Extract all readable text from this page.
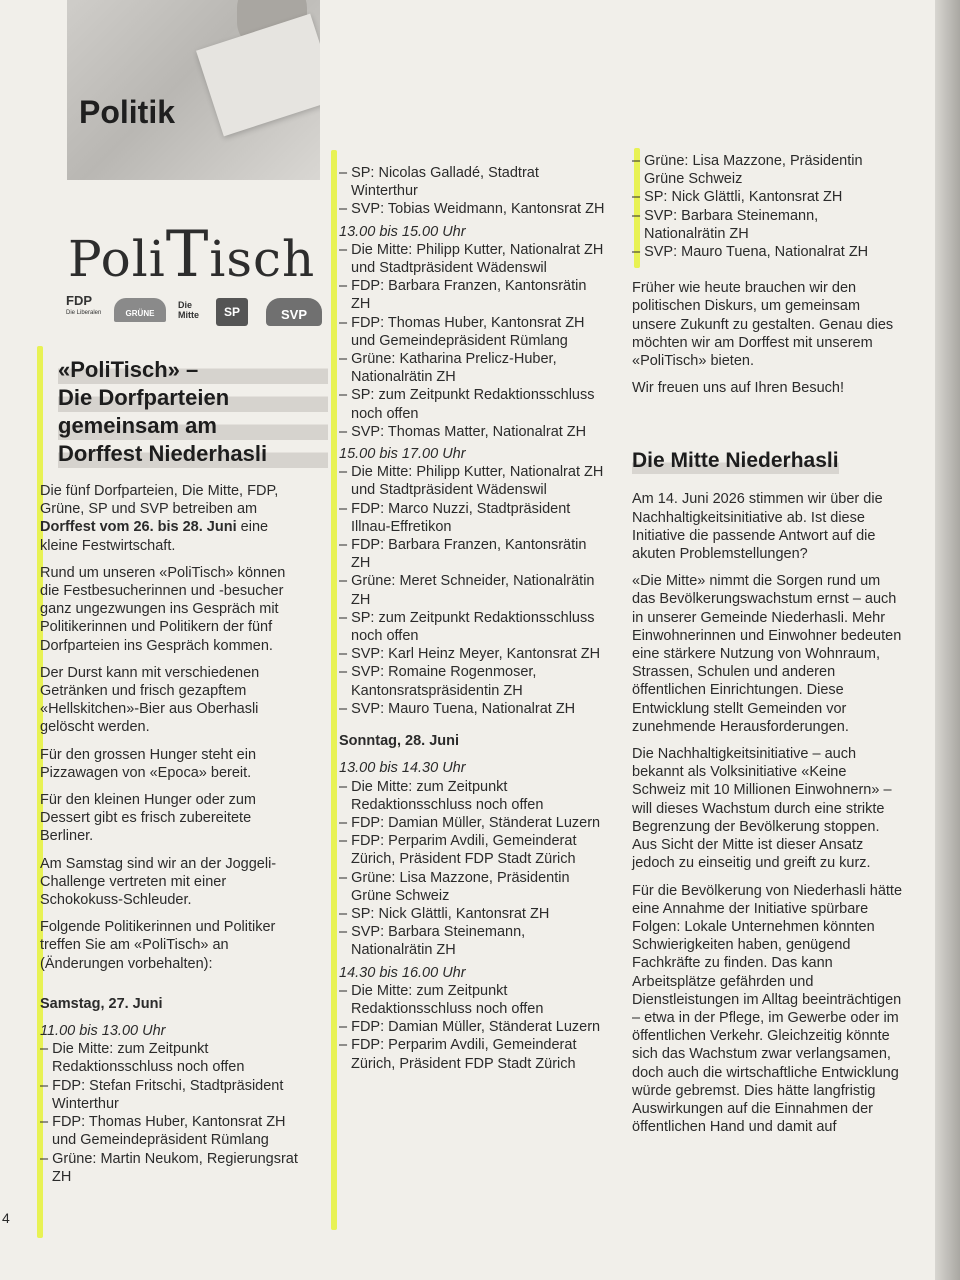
Politik
PoliTisch
FDP
Die Liberalen	GRÜNE
Die
Mitte	SP	SVP
«PoliTisch» –
Die Dorfparteien
gemeinsam am
Dorffest Niederhasli

Die fünf Dorfparteien, Die Mitte, FDP, Grüne, SP und SVP betreiben am Dorffest vom 26. bis 28. Juni eine kleine Festwirtschaft.

Rund um unseren «PoliTisch» können die Festbesucherinnen und -besucher ganz ungezwungen ins Gespräch mit Politikerinnen und Politikern der fünf Dorfparteien ins Gespräch kommen.

Der Durst kann mit verschiedenen Getränken und frisch gezapftem «Hellskitchen»-Bier aus Oberhasli gelöscht werden.

Für den grossen Hunger steht ein Pizzawagen von «Epoca» bereit.

Für den kleinen Hunger oder zum Dessert gibt es frisch zubereitete Berliner.

Am Samstag sind wir an der Joggeli-Challenge vertreten mit einer Schokokuss-Schleuder.

Folgende Politikerinnen und Politiker treffen Sie am «PoliTisch» an (Änderungen vorbehalten):

Samstag, 27. Juni
11.00 bis 13.00 Uhr
– Die Mitte: zum Zeitpunkt Redaktionsschluss noch offen
– FDP: Stefan Fritschi, Stadtpräsident Winterthur
– FDP: Thomas Huber, Kantonsrat ZH und Gemeindepräsident Rümlang
– Grüne: Martin Neukom, Regierungsrat ZH
– SP: Nicolas Galladé, Stadtrat Winterthur
– SVP: Tobias Weidmann, Kantonsrat ZH
13.00 bis 15.00 Uhr
– Die Mitte: Philipp Kutter, Nationalrat ZH und Stadtpräsident Wädenswil
– FDP: Barbara Franzen, Kantonsrätin ZH
– FDP: Thomas Huber, Kantonsrat ZH und Gemeindepräsident Rümlang
– Grüne: Katharina Prelicz-Huber, Nationalrätin ZH
– SP: zum Zeitpunkt Redaktionsschluss noch offen
– SVP: Thomas Matter, Nationalrat ZH
15.00 bis 17.00 Uhr
– Die Mitte: Philipp Kutter, Nationalrat ZH und Stadtpräsident Wädenswil
– FDP: Marco Nuzzi, Stadtpräsident Illnau-Effretikon
– FDP: Barbara Franzen, Kantonsrätin ZH
– Grüne: Meret Schneider, Nationalrätin ZH
– SP: zum Zeitpunkt Redaktionsschluss noch offen
– SVP: Karl Heinz Meyer, Kantonsrat ZH
– SVP: Romaine Rogenmoser, Kantonsratspräsidentin ZH
– SVP: Mauro Tuena, Nationalrat ZH
Sonntag, 28. Juni
13.00 bis 14.30 Uhr
– Die Mitte: zum Zeitpunkt Redaktionsschluss noch offen
– FDP: Damian Müller, Ständerat Luzern
– FDP: Perparim Avdili, Gemeinderat Zürich, Präsident FDP Stadt Zürich
– Grüne: Lisa Mazzone, Präsidentin Grüne Schweiz
– SP: Nick Glättli, Kantonsrat ZH
– SVP: Barbara Steinemann, Nationalrätin ZH
14.30 bis 16.00 Uhr
– Die Mitte: zum Zeitpunkt Redaktionsschluss noch offen
– FDP: Damian Müller, Ständerat Luzern
– FDP: Perparim Avdili, Gemeinderat Zürich, Präsident FDP Stadt Zürich
– Grüne: Lisa Mazzone, Präsidentin Grüne Schweiz
– SP: Nick Glättli, Kantonsrat ZH
– SVP: Barbara Steinemann, Nationalrätin ZH
– SVP: Mauro Tuena, Nationalrat ZH

Früher wie heute brauchen wir den politischen Diskurs, um gemeinsam unsere Zukunft zu gestalten. Genau dies möchten wir am Dorffest mit unserem «PoliTisch» bieten.

Wir freuen uns auf Ihren Besuch!

Die Mitte Niederhasli

Am 14. Juni 2026 stimmen wir über die Nachhaltigkeitsinitiative ab. Ist diese Initiative die passende Antwort auf die akuten Problemstellungen?

«Die Mitte» nimmt die Sorgen rund um das Bevölkerungswachstum ernst – auch in unserer Gemeinde Niederhasli. Mehr Einwohnerinnen und Einwohner bedeuten eine stärkere Nutzung von Wohnraum, Strassen, Schulen und anderen öffentlichen Einrichtungen. Diese Entwicklung stellt Gemeinden vor zunehmende Herausforderungen.

Die Nachhaltigkeitsinitiative – auch bekannt als Volksinitiative «Keine Schweiz mit 10 Millionen Einwohnern» – will dieses Wachstum durch eine strikte Begrenzung der Bevölkerung stoppen. Aus Sicht der Mitte ist dieser Ansatz jedoch zu einseitig und greift zu kurz.

Für die Bevölkerung von Niederhasli hätte eine Annahme der Initiative spürbare Folgen: Lokale Unternehmen könnten Schwierigkeiten haben, genügend Fachkräfte zu finden. Das kann Arbeitsplätze gefährden und Dienstleistungen im Alltag beeinträchtigen – etwa in der Pflege, im Gewerbe oder im öffentlichen Verkehr. Gleichzeitig könnte sich das Wachstum zwar verlangsamen, doch auch die wirtschaftliche Entwicklung würde gebremst. Dies hätte langfristig Auswirkungen auf die Einnahmen der öffentlichen Hand und damit auf

4
